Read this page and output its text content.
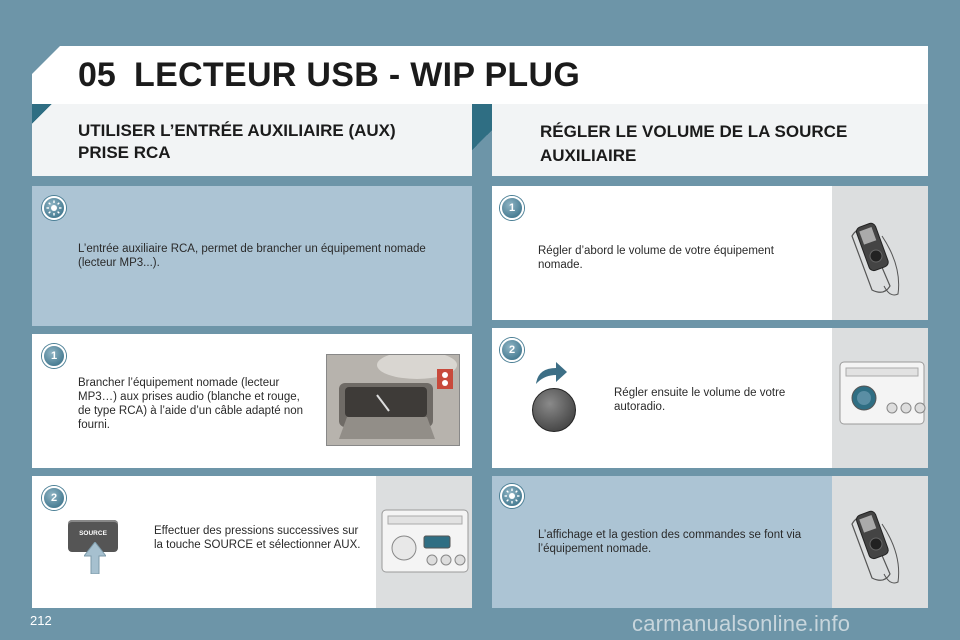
05 LECTEUR USB - WIP PLUG
UTILISER L’ENTRÉE AUXILIAIRE (AUX)
PRISE RCA
RÉGLER LE VOLUME DE LA SOURCE
AUXILIAIRE
L’entrée auxiliaire RCA, permet de brancher un équipement nomade (lecteur MP3...).
1
Brancher l’équipement nomade (lecteur MP3…) aux prises audio (blanche et rouge, de type RCA) à l’aide d’un câble adapté non fourni.
2
Effectuer des pressions successives sur la touche SOURCE et sélectionner AUX.
SOURCE
1
Régler d’abord le volume de votre équipement nomade.
2
Régler ensuite le volume de votre autoradio.
L’affichage et la gestion des commandes se font via l’équipement nomade.
212	carmanualsonline.info
